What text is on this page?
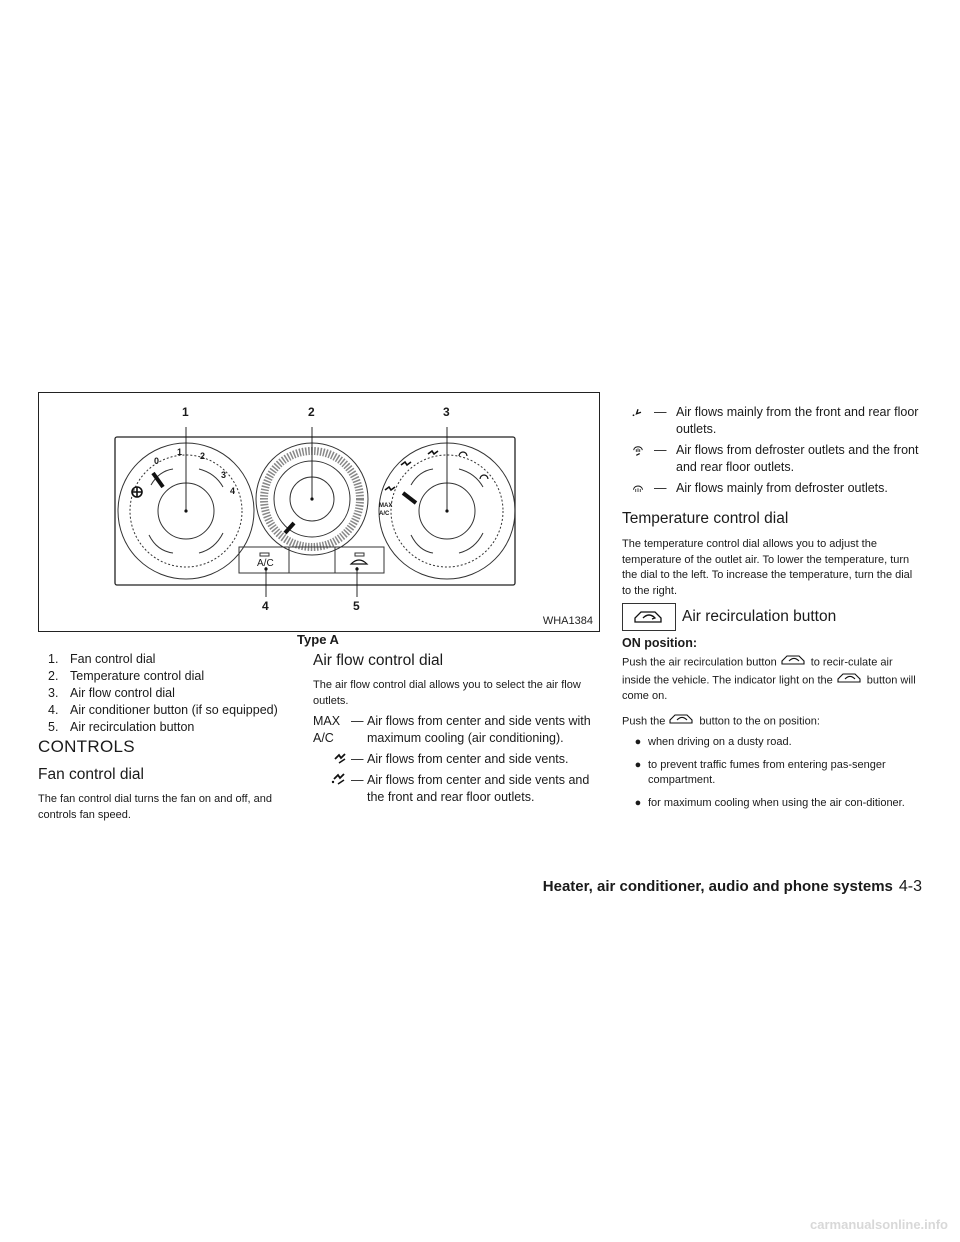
1	2	3
4	5
0
1 2
3
4
A/C
MAX
A/C
WHA1384
Type A
1. Fan control dial
2. Temperature control dial
3. Air flow control dial
4. Air conditioner button (if so equipped)
5. Air recirculation button
CONTROLS
Fan control dial
The fan control dial turns the fan on and off, and controls fan speed.
Air flow control dial
The air flow control dial allows you to select the air flow outlets.
MAX
A/C
— Air flows from center and side vents with maximum cooling (air conditioning).
— Air flows from center and side vents.
— Air flows from center and side vents and the front and rear floor outlets.
— Air flows mainly from the front and rear floor outlets.
— Air flows from defroster outlets and the front and rear floor outlets.
— Air flows mainly from defroster outlets.
Temperature control dial
The temperature control dial allows you to adjust the temperature of the outlet air. To lower the temperature, turn the dial to the left. To increase the temperature, turn the dial to the right.
Air recirculation button
ON position:
Push the air recirculation button	to recir-culate air inside the vehicle. The indicator light on the	button will come on.
Push the	button to the on position:
● when driving on a dusty road.
● to prevent traffic fumes from entering pas-senger compartment.
● for maximum cooling when using the air con-ditioner.
Heater, air conditioner, audio and phone systems 4-3
carmanualsonline.info
